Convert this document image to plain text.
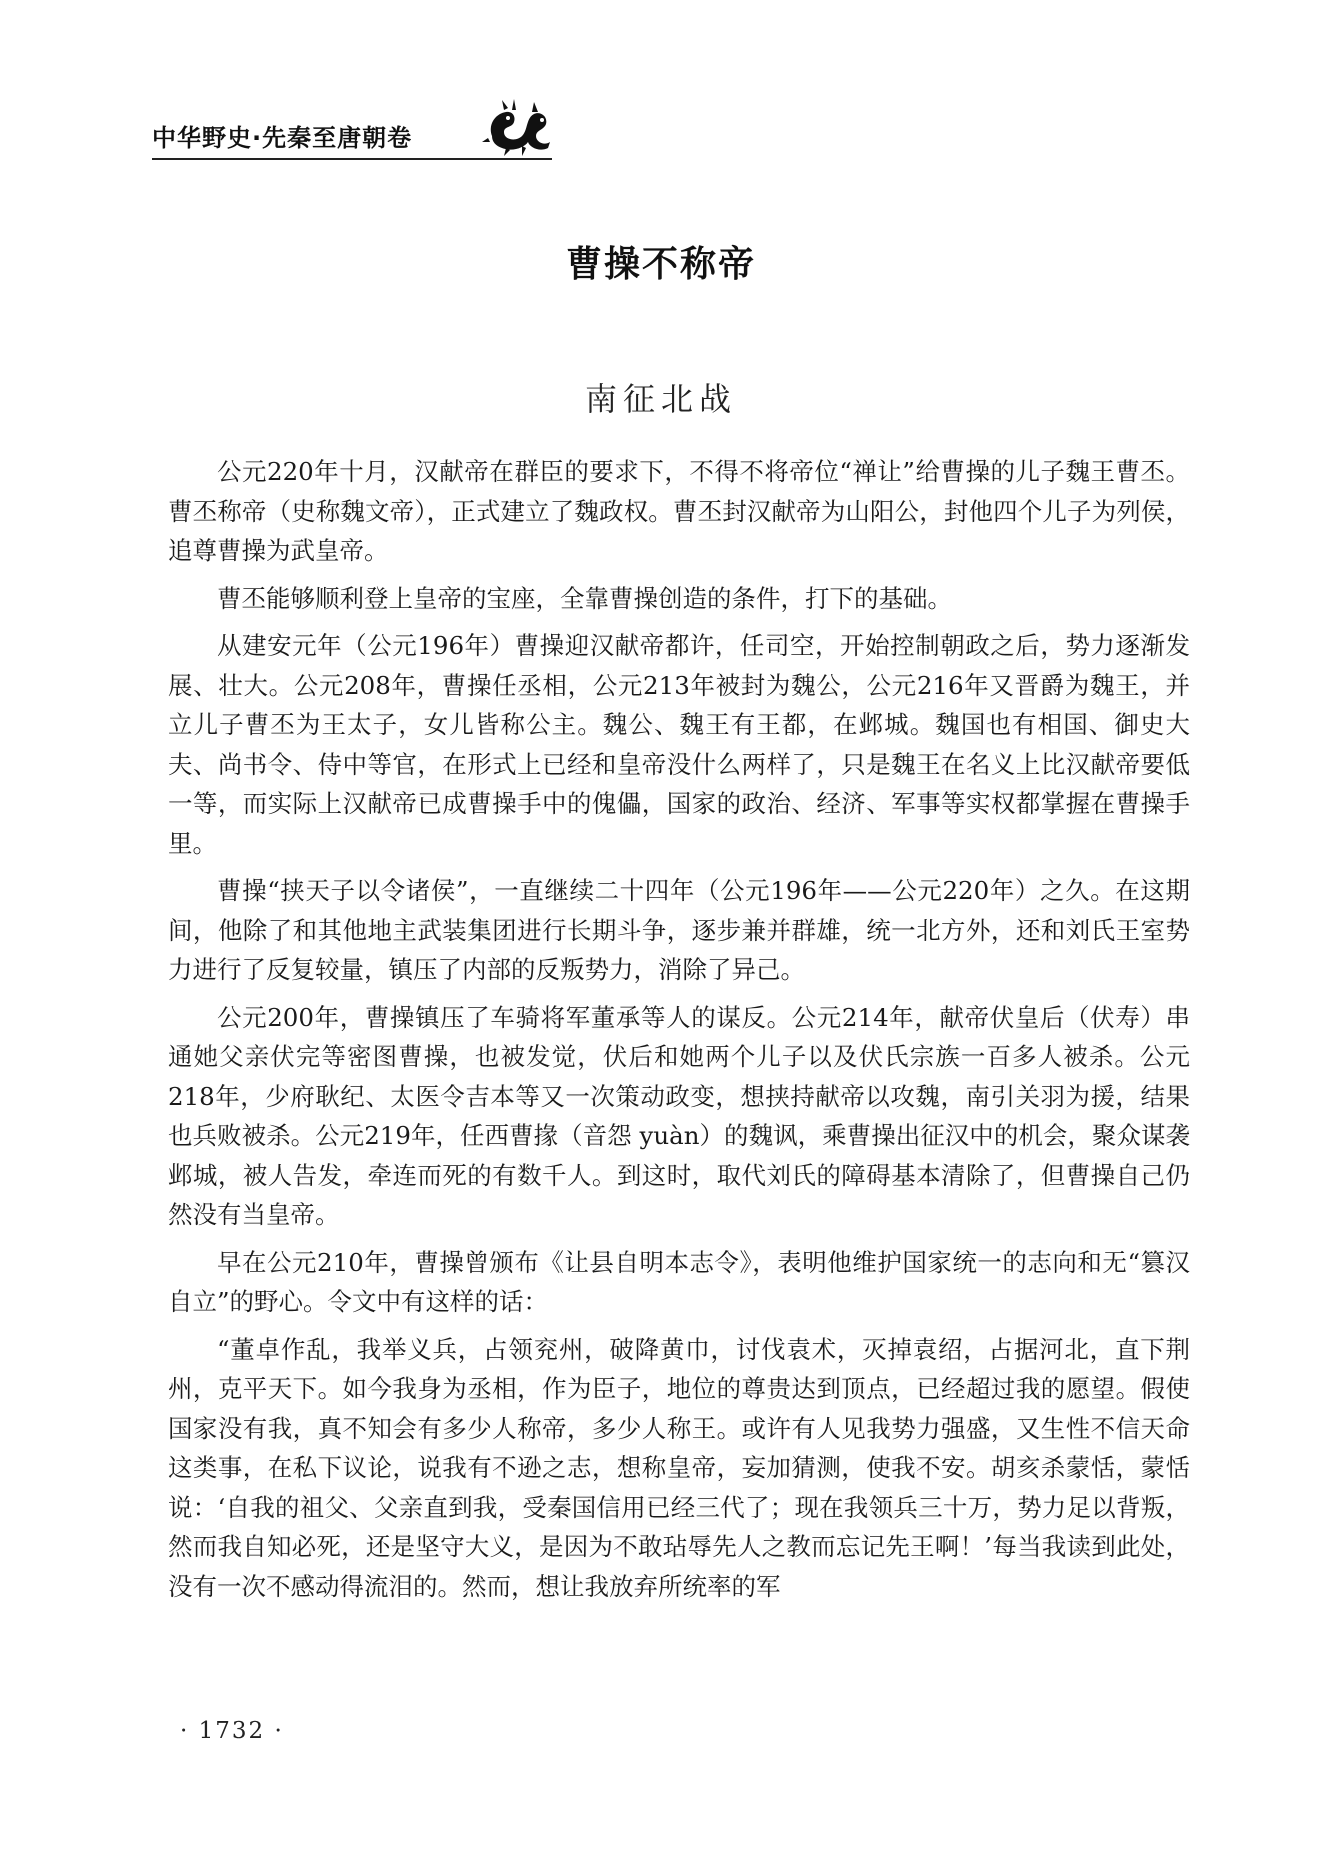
中华野史·先秦至唐朝卷
曹操不称帝
南征北战

公元220年十月，汉献帝在群臣的要求下，不得不将帝位“禅让”给曹操的儿子魏王曹丕。曹丕称帝（史称魏文帝），正式建立了魏政权。曹丕封汉献帝为山阳公，封他四个儿子为列侯，追尊曹操为武皇帝。

曹丕能够顺利登上皇帝的宝座，全靠曹操创造的条件，打下的基础。

从建安元年（公元196年）曹操迎汉献帝都许，任司空，开始控制朝政之后，势力逐渐发展、壮大。公元208年，曹操任丞相，公元213年被封为魏公，公元216年又晋爵为魏王，并立儿子曹丕为王太子，女儿皆称公主。魏公、魏王有王都，在邺城。魏国也有相国、御史大夫、尚书令、侍中等官，在形式上已经和皇帝没什么两样了，只是魏王在名义上比汉献帝要低一等，而实际上汉献帝已成曹操手中的傀儡，国家的政治、经济、军事等实权都掌握在曹操手里。

曹操“挟天子以令诸侯”，一直继续二十四年（公元196年——公元220年）之久。在这期间，他除了和其他地主武装集团进行长期斗争，逐步兼并群雄，统一北方外，还和刘氏王室势力进行了反复较量，镇压了内部的反叛势力，消除了异己。

公元200年，曹操镇压了车骑将军董承等人的谋反。公元214年，献帝伏皇后（伏寿）串通她父亲伏完等密图曹操，也被发觉，伏后和她两个儿子以及伏氏宗族一百多人被杀。公元218年，少府耿纪、太医令吉本等又一次策动政变，想挟持献帝以攻魏，南引关羽为援，结果也兵败被杀。公元219年，任西曹掾（音怨 yuàn）的魏讽，乘曹操出征汉中的机会，聚众谋袭邺城，被人告发，牵连而死的有数千人。到这时，取代刘氏的障碍基本清除了，但曹操自己仍然没有当皇帝。

早在公元210年，曹操曾颁布《让县自明本志令》，表明他维护国家统一的志向和无“篡汉自立”的野心。令文中有这样的话：

“董卓作乱，我举义兵，占领兖州，破降黄巾，讨伐袁术，灭掉袁绍，占据河北，直下荆州，克平天下。如今我身为丞相，作为臣子，地位的尊贵达到顶点，已经超过我的愿望。假使国家没有我，真不知会有多少人称帝，多少人称王。或许有人见我势力强盛，又生性不信天命这类事，在私下议论，说我有不逊之志，想称皇帝，妄加猜测，使我不安。胡亥杀蒙恬，蒙恬说：‘自我的祖父、父亲直到我，受秦国信用已经三代了；现在我领兵三十万，势力足以背叛，然而我自知必死，还是坚守大义，是因为不敢玷辱先人之教而忘记先王啊！’每当我读到此处，没有一次不感动得流泪的。然而，想让我放弃所统率的军

· 1732 ·
